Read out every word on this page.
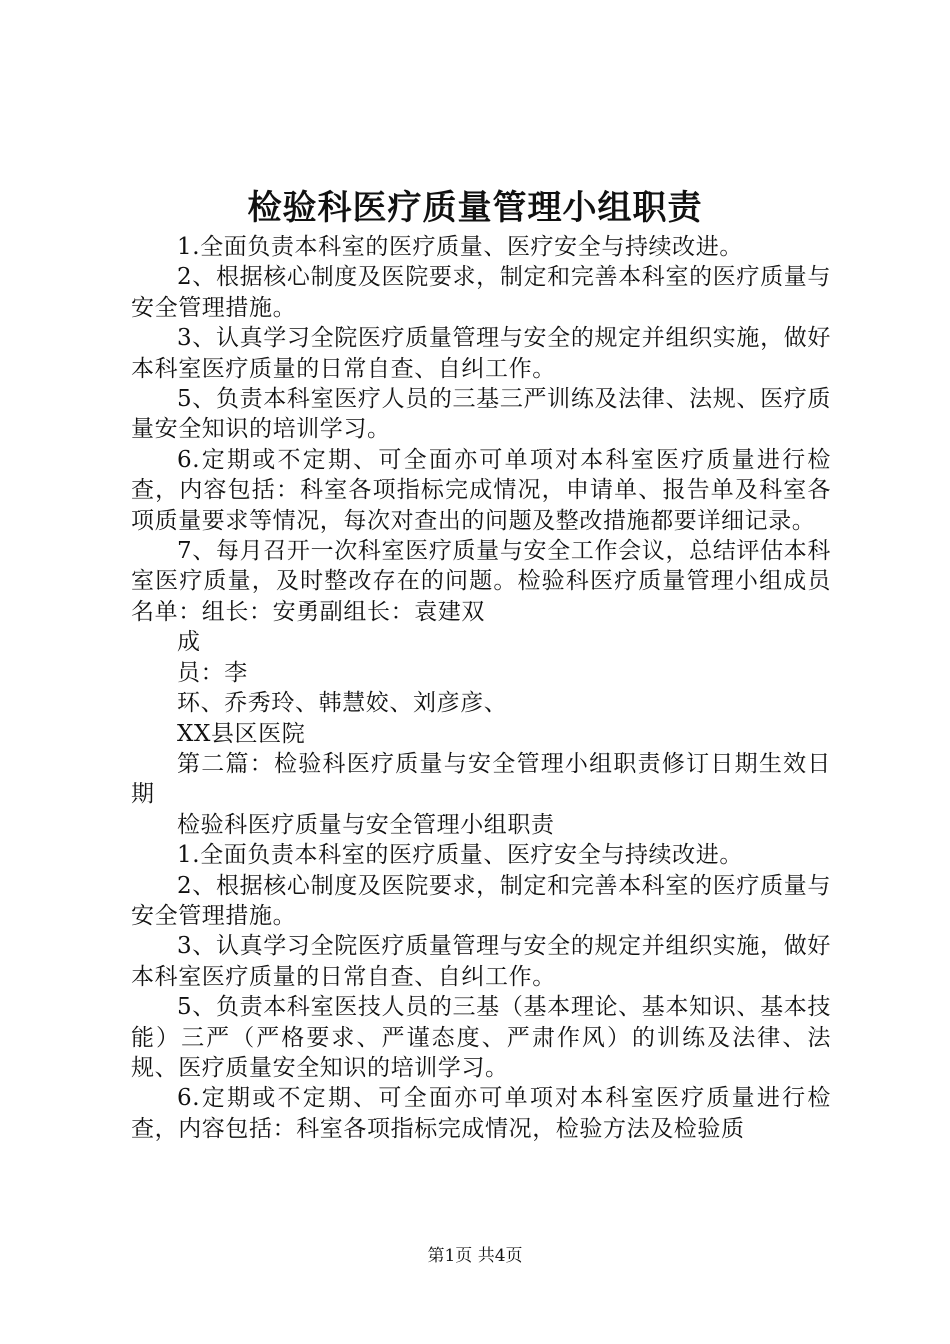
检验科医疗质量管理小组职责

1.全面负责本科室的医疗质量、医疗安全与持续改进。

2、根据核心制度及医院要求，制定和完善本科室的医疗质量与安全管理措施。

3、认真学习全院医疗质量管理与安全的规定并组织实施，做好本科室医疗质量的日常自查、自纠工作。

5、负责本科室医疗人员的三基三严训练及法律、法规、医疗质量安全知识的培训学习。

6.定期或不定期、可全面亦可单项对本科室医疗质量进行检查，内容包括：科室各项指标完成情况，申请单、报告单及科室各项质量要求等情况，每次对查出的问题及整改措施都要详细记录。

7、每月召开一次科室医疗质量与安全工作会议，总结评估本科室医疗质量，及时整改存在的问题。检验科医疗质量管理小组成员名单：组长：安勇副组长：袁建双

成

员：李

环、乔秀玲、韩慧姣、刘彦彦、

XX县区医院

第二篇：检验科医疗质量与安全管理小组职责修订日期生效日期

检验科医疗质量与安全管理小组职责

1.全面负责本科室的医疗质量、医疗安全与持续改进。

2、根据核心制度及医院要求，制定和完善本科室的医疗质量与安全管理措施。

3、认真学习全院医疗质量管理与安全的规定并组织实施，做好本科室医疗质量的日常自查、自纠工作。

5、负责本科室医技人员的三基（基本理论、基本知识、基本技能）三严（严格要求、严谨态度、严肃作风）的训练及法律、法规、医疗质量安全知识的培训学习。

6.定期或不定期、可全面亦可单项对本科室医疗质量进行检查，内容包括：科室各项指标完成情况，检验方法及检验质

第1页 共4页
